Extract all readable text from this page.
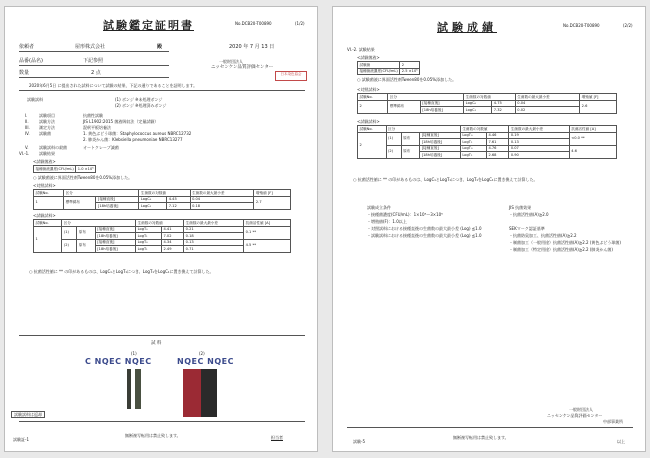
試験鑑定証明書	No.DCB20-T00890	(1/2)
依頼者	屋形株式会社	殿	2020 年 7 月 13 日
品番(品名)	下記参照
数量	2 点
一般財団法人
ニッセンケン品質評価センター
日本染色協会
2020年6月5日 に提出された試料について試験の結果、下記の通りであることを証明します。
試験試料	(1) ボンジ ※未処理ボンジ
(2) ボンジ ※処理済みボンジ
I.	試験項目	抗菌性試験
II.	試験方法	JIS L1902:2015 菌液吸収法（定量試験）
III. 測定方法	混釈平板培養法
IV. 試験菌	1. 黄色ぶどう球菌：Staphylococcus aureus NBRC12732
2. 肺炎かん菌：Klebsiella pneumoniae NBRC13277
V.	試験試料の殺菌	オートクレーブ滅菌
VI.-1. 試験結果
<試験菌液>
接種菌液濃度(CFU/mL)	1.0 ×10⁵
○ 試験菌液に界面活性剤Tween80を0.05%添加した。
<対照試料>
試験No.	区分		生菌数の対数値		生菌数の最大最小差	増殖値 [F]
1	標準綿布	[接種直後]	LogC₀	4.45	0.04	2.7
		[18h培養後]	LogC₁	7.12	0.18	
<試験試料>
試験No.	区分			生菌数の対数値		生菌数の最大最小差	抗菌活性値 [A]
1	(1)	原布	[接種直後]	LogT₀	4.41	0.21	0.1 **
			[18h培養後]	LogT₁	7.02	0.18	
	(2)	原布	[接種直後]	LogT₀	4.34	0.13	4.5 **
			[18h培養後]	LogT₁	2.49	0.71	
○ 抗菌活性値に ** の印があるものは、LogC₁とLogT₁につき、LogT₁をLogC₁に置き換えて計算した。
試 料
(1)	(2)
C NQEC NQEC	NQEC NQEC
試験試料は返却
試験証-1
無断複写転用は禁止致します。	担当者
試験成績	No.DCB20-T00890	(2/2)
VI.-2. 試験結果
<試験菌液>
試験菌	2
接種菌液濃度(CFU/mL)	2.5 ×10⁵
○ 試験菌液に界面活性剤Tween80を0.05%添加した。
<対照試料>
試験No.	区分		生菌数の対数値		生菌数の最大最小差	増殖値 [F]
2	標準綿布	[接種直後]	LogC₀	4.75	0.04	2.6
		[18h培養後]	LogC₁	7.32	0.02	
<試験試料>
試験No.	区分			生菌数の対数値		生菌数の最大最小差	抗菌活性値 [A]
2	(1)	原布	[接種直後]	LogT₀	4.46	0.19	<0.0 **
			[18h培養後]	LogT₁	7.61	0.13	
	(2)	原布	[接種直後]	LogT₀	4.76	0.07	4.6
			[18h培養後]	LogT₁	2.68	0.90	
○ 抗菌活性値に ** の印があるものは、LogC₁とLogT₁につき、LogT₁をLogC₁に置き換えて計算した。
試験成立条件
・接種菌濃度(CFU/mL)：1×10⁵～3×10⁵
・増殖値(F)：1.0以上
・対照試料における接種直後の生菌数の最大最小差 (Log) ≦1.0
・試験試料における接種直後の生菌数の最大最小差 (Log) ≦1.0
JIS 抗菌効果
・抗菌活性値(A)≧2.0
SEKマーク認証基準
・抗菌防臭加工、抗菌活性値(A)≧2.2
・制菌加工（一般用途）抗菌活性値(A)≧2.2 (黄色ぶどう球菌)
・制菌加工（特定用途）抗菌活性値(A)≧2.2 (肺炎かん菌)
一般財団法人
ニッセンケン品質評価センター
中部事業所
試験-5
無断複写転用は禁止致します。
以上
